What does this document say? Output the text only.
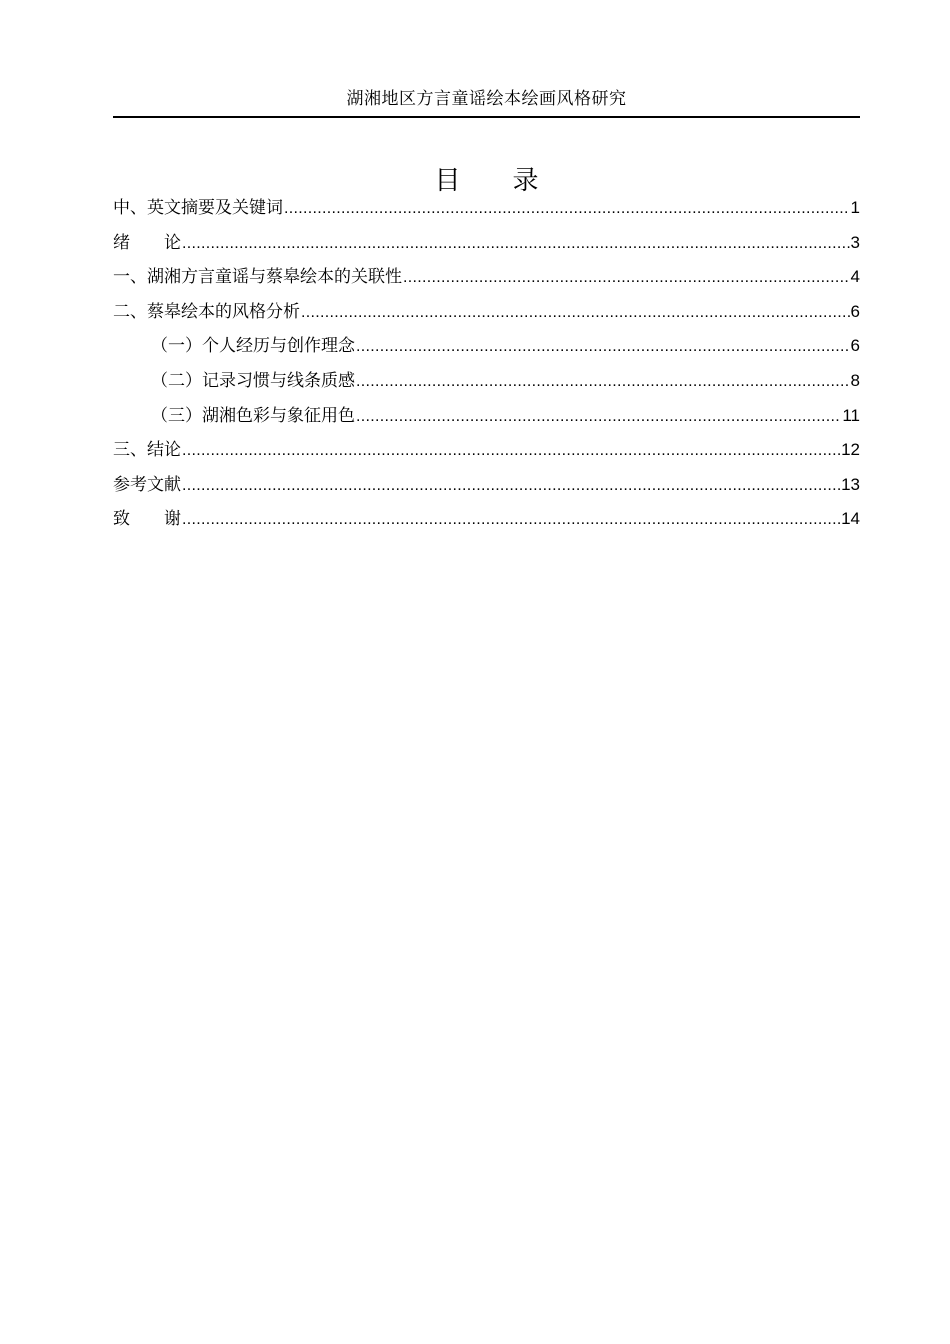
湖湘地区方言童谣绘本绘画风格研究
目　　录
中、英文摘要及关键词 .....	1
绪　　论 .....	3
一、湖湘方言童谣与蔡皋绘本的关联性 .....	4
二、蔡皋绘本的风格分析 .....	6
（一）个人经历与创作理念 .....	6
（二）记录习惯与线条质感 .....	8
（三）湖湘色彩与象征用色 .....	11
三、结论 .....	12
参考文献 .....	13
致　　谢 .....	14
